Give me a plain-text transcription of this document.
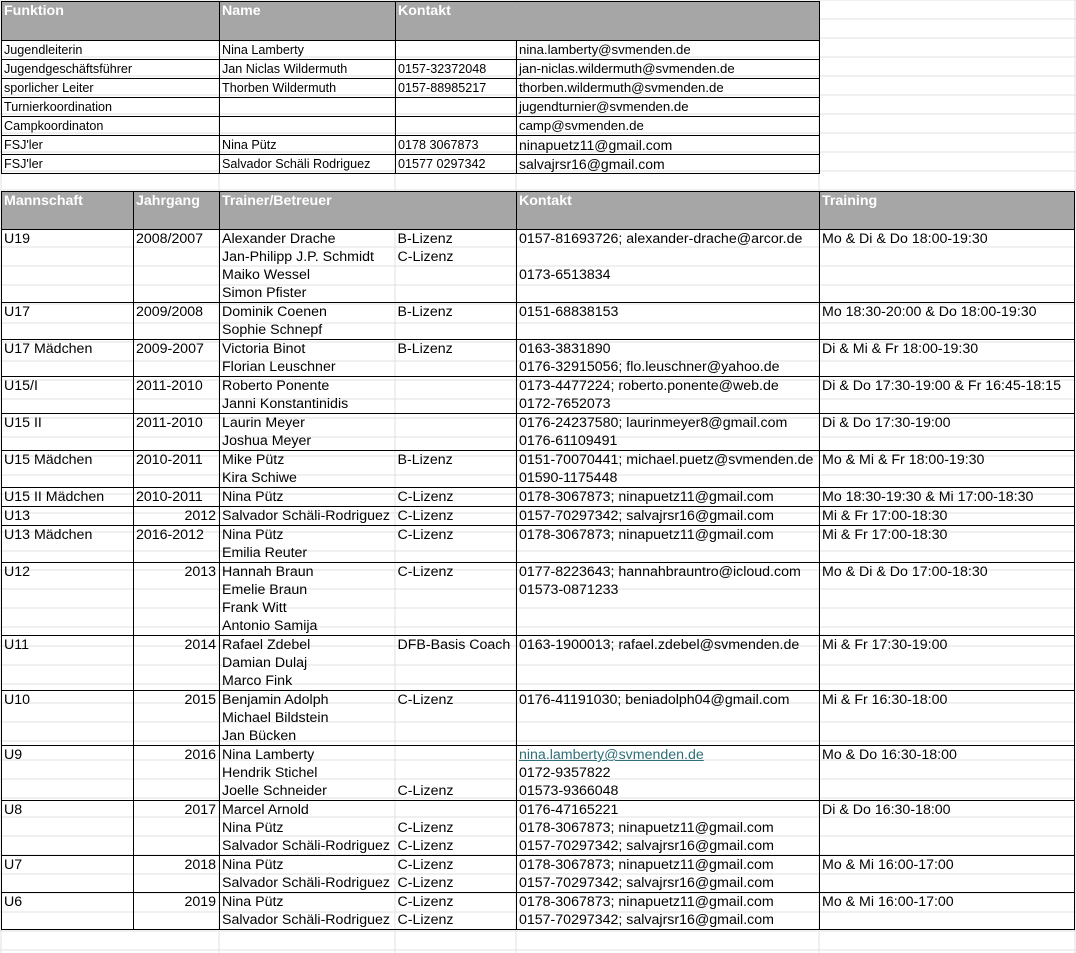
Funktion	Name	Kontakt	
Jugendleiterin	Nina Lamberty		nina.lamberty@svmenden.de
Jugendgeschäftsführer	Jan Niclas Wildermuth	0157-32372048	jan-niclas.wildermuth@svmenden.de
sporlicher Leiter	Thorben Wildermuth	0157-88985217	thorben.wildermuth@svmenden.de
Turnierkoordination			jugendturnier@svmenden.de
Campkoordinaton			camp@svmenden.de
FSJ'ler	Nina Pütz	0178 3067873	ninapuetz11@gmail.com
FSJ'ler	Salvador Schäli Rodriguez	01577 0297342	salvajrsr16@gmail.com
Mannschaft	Jahrgang	Trainer/Betreuer		Kontakt	Training
U19	2008/2007	Alexander Drache	B-Lizenz	0157-81693726; alexander-drache@arcor.de	Mo & Di & Do 18:00-19:30
		Jan-Philipp J.P. Schmidt	C-Lizenz		
		Maiko Wessel		0173-6513834	
		Simon Pfister			
U17	2009/2008	Dominik Coenen	B-Lizenz	0151-68838153	Mo 18:30-20:00 & Do 18:00-19:30
		Sophie Schnepf			
U17 Mädchen	2009-2007	Victoria Binot	B-Lizenz	0163-3831890	Di & Mi & Fr 18:00-19:30
		Florian Leuschner		0176-32915056; flo.leuschner@yahoo.de	
U15/I	2011-2010	Roberto Ponente		0173-4477224; roberto.ponente@web.de	Di & Do 17:30-19:00 & Fr 16:45-18:15
		Janni Konstantinidis		0172-7652073	
U15 II	2011-2010	Laurin Meyer		0176-24237580; laurinmeyer8@gmail.com	Di & Do 17:30-19:00
		Joshua Meyer		0176-61109491	
U15 Mädchen	2010-2011	Mike Pütz	B-Lizenz	0151-70070441; michael.puetz@svmenden.de	Mo & Mi & Fr 18:00-19:30
		Kira Schiwe		01590-1175448	
U15 II Mädchen	2010-2011	Nina Pütz	C-Lizenz	0178-3067873; ninapuetz11@gmail.com	Mo 18:30-19:30 & Mi 17:00-18:30
U13	2012	Salvador Schäli-Rodriguez	C-Lizenz	0157-70297342; salvajrsr16@gmail.com	Mi & Fr 17:00-18:30
U13 Mädchen	2016-2012	Nina Pütz	C-Lizenz	0178-3067873; ninapuetz11@gmail.com	Mi & Fr 17:00-18:30
		Emilia Reuter			
U12	2013	Hannah Braun	C-Lizenz	0177-8223643; hannahbrauntro@icloud.com	Mo & Di & Do 17:00-18:30
		Emelie Braun		01573-0871233	
		Frank Witt			
		Antonio Samija			
U11	2014	Rafael Zdebel	DFB-Basis Coach	0163-1900013; rafael.zdebel@svmenden.de	Mi & Fr 17:30-19:00
		Damian Dulaj			
		Marco Fink			
U10	2015	Benjamin Adolph	C-Lizenz	0176-41191030; beniadolph04@gmail.com	Mi & Fr 16:30-18:00
		Michael Bildstein			
		Jan Bücken			
U9	2016	Nina Lamberty		nina.lamberty@svmenden.de	Mo & Do 16:30-18:00
		Hendrik Stichel		0172-9357822	
		Joelle Schneider	C-Lizenz	01573-9366048	
U8	2017	Marcel Arnold		0176-47165221	Di & Do 16:30-18:00
		Nina Pütz	C-Lizenz	0178-3067873; ninapuetz11@gmail.com	
		Salvador Schäli-Rodriguez	C-Lizenz	0157-70297342; salvajrsr16@gmail.com	
U7	2018	Nina Pütz	C-Lizenz	0178-3067873; ninapuetz11@gmail.com	Mo & Mi 16:00-17:00
		Salvador Schäli-Rodriguez	C-Lizenz	0157-70297342; salvajrsr16@gmail.com	
U6	2019	Nina Pütz	C-Lizenz	0178-3067873; ninapuetz11@gmail.com	Mo & Mi 16:00-17:00
		Salvador Schäli-Rodriguez	C-Lizenz	0157-70297342; salvajrsr16@gmail.com	
